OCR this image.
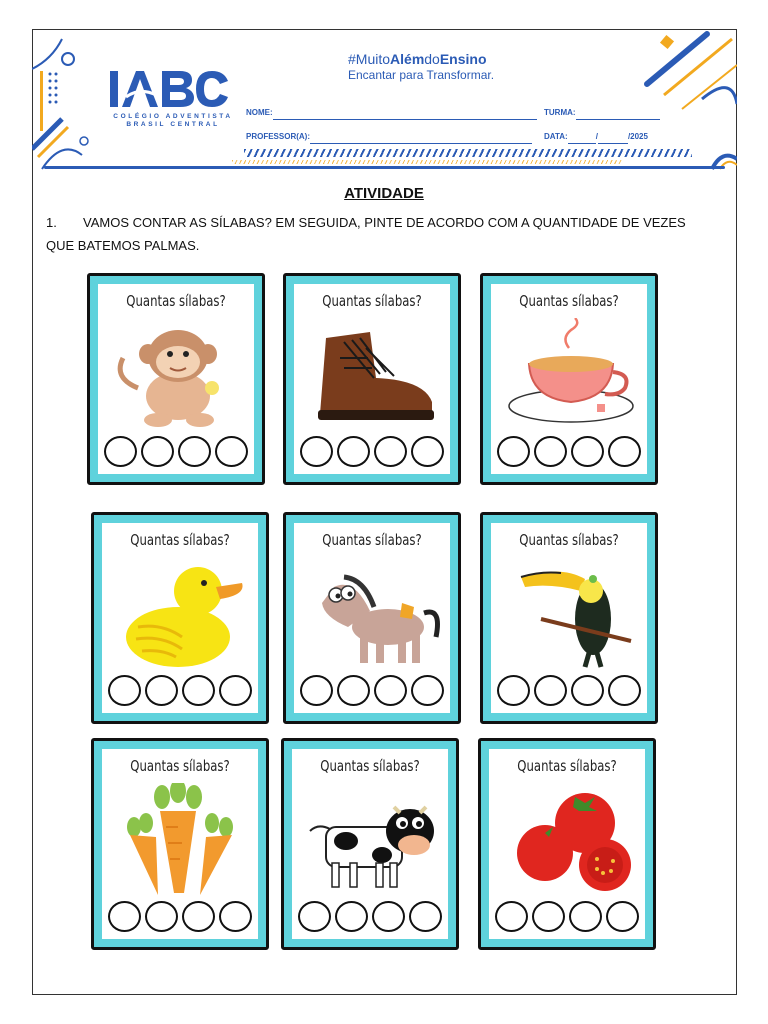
COLÉGIO ADVENTISTA BRASIL CENTRAL
#MuitoAlémdoEnsino
Encantar para Transformar.
NOME:	TURMA:
PROFESSOR(A):	DATA:	/	/2025
ATIVIDADE
1. VAMOS CONTAR AS SÍLABAS? EM SEGUIDA, PINTE DE ACORDO COM A QUANTIDADE DE VEZES QUE BATEMOS PALMAS.
Quantas sílabas?	Quantas sílabas?	Quantas sílabas?
Quantas sílabas?	Quantas sílabas?	Quantas sílabas?
Quantas sílabas?	Quantas sílabas?	Quantas sílabas?
